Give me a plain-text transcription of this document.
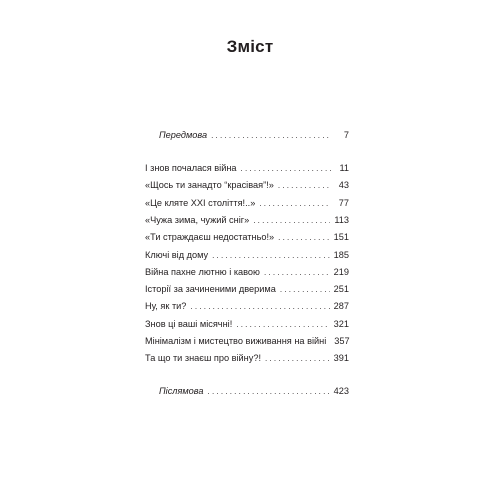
Зміст
Передмова . . .	7
І знов почалася війна . . .	11
«Щось ти занадто “красівая”!» . . .	43
«Це кляте XXI століття!..» . . .	77
«Чужа зима, чужий сніг» . . .	113
«Ти страждаєш недостатньо!» . . .	151
Ключі від дому . . .	185
Війна пахне лютню і кавою . . .	219
Історії за зачиненими дверима . . .	251
Ну, як ти? . . .	287
Знов ці ваші місячні! . . .	321
Мінімалізм і мистецтво виживання на війні 357
Та що ти знаєш про війну?! . . .	391
Післямова . . .	423
